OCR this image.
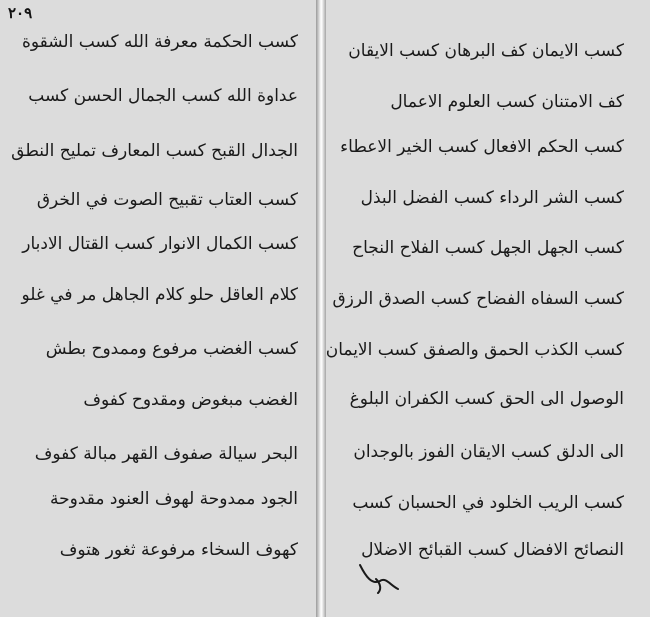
٢٠٩
كسب الحكمة معرفة الله كسب الشقوة
عداوة الله كسب الجمال الحسن كسب
الجدال القبح كسب المعارف تمليح النطق
كسب العتاب تقبيح الصوت في الخرق
كسب الكمال الانوار كسب القتال الادبار
كلام العاقل حلو كلام الجاهل مر في غلو
كسب الغضب مرفوع وممدوح بطش
الغضب مبغوض ومقدوح كفوف
البحر سيالة صفوف القهر مبالة كفوف
الجود ممدوحة لهوف العنود مقدوحة
كهوف السخاء مرفوعة ثغور هتوف
كسب الايمان كف البرهان كسب الايقان
كف الامتنان كسب العلوم الاعمال
كسب الحكم الافعال كسب الخير الاعطاء
كسب الشر الرداء كسب الفضل البذل
كسب الجهل الجهل كسب الفلاح النجاح
كسب السفاه الفضاح كسب الصدق الرزق
كسب الكذب الحمق والصفق كسب الايمان
الوصول الى الحق كسب الكفران البلوغ
الى الدلق كسب الايقان الفوز بالوجدان
كسب الريب الخلود في الحسبان كسب
النصائح الافضال كسب القبائح الاضلال
